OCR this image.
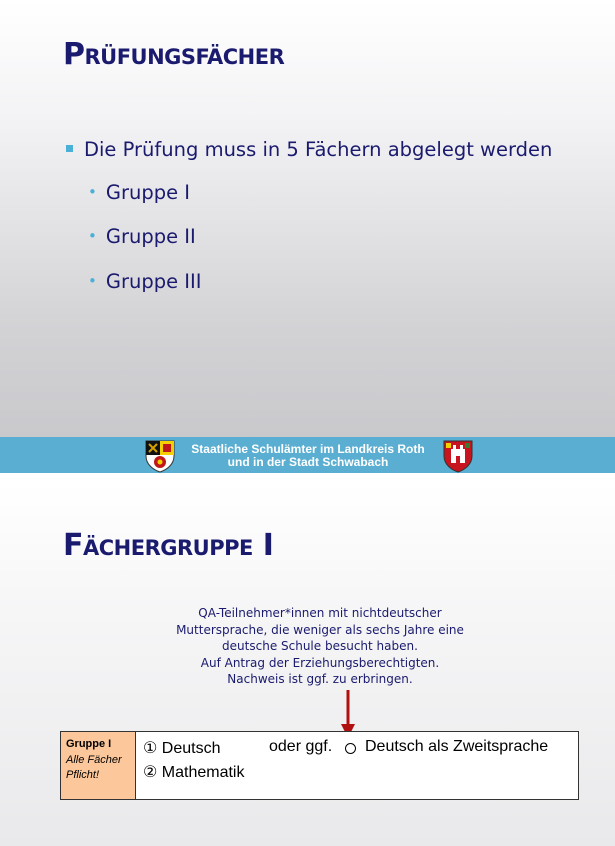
Prüfungsfächer
Die Prüfung muss in 5 Fächern abgelegt werden
• Gruppe I
• Gruppe II
• Gruppe III
Staatliche Schulämter im Landkreis Roth
und in der Stadt Schwabach
Fächergruppe I
QA-Teilnehmer*innen mit nichtdeutscher
Muttersprache, die weniger als sechs Jahre eine
deutsche Schule besucht haben.
Auf Antrag der Erziehungsberechtigten.
Nachweis ist ggf. zu erbringen.
Gruppe I
Alle Fächer
Pflicht!
① Deutsch	oder ggf. Deutsch als Zweitsprache
② Mathematik
